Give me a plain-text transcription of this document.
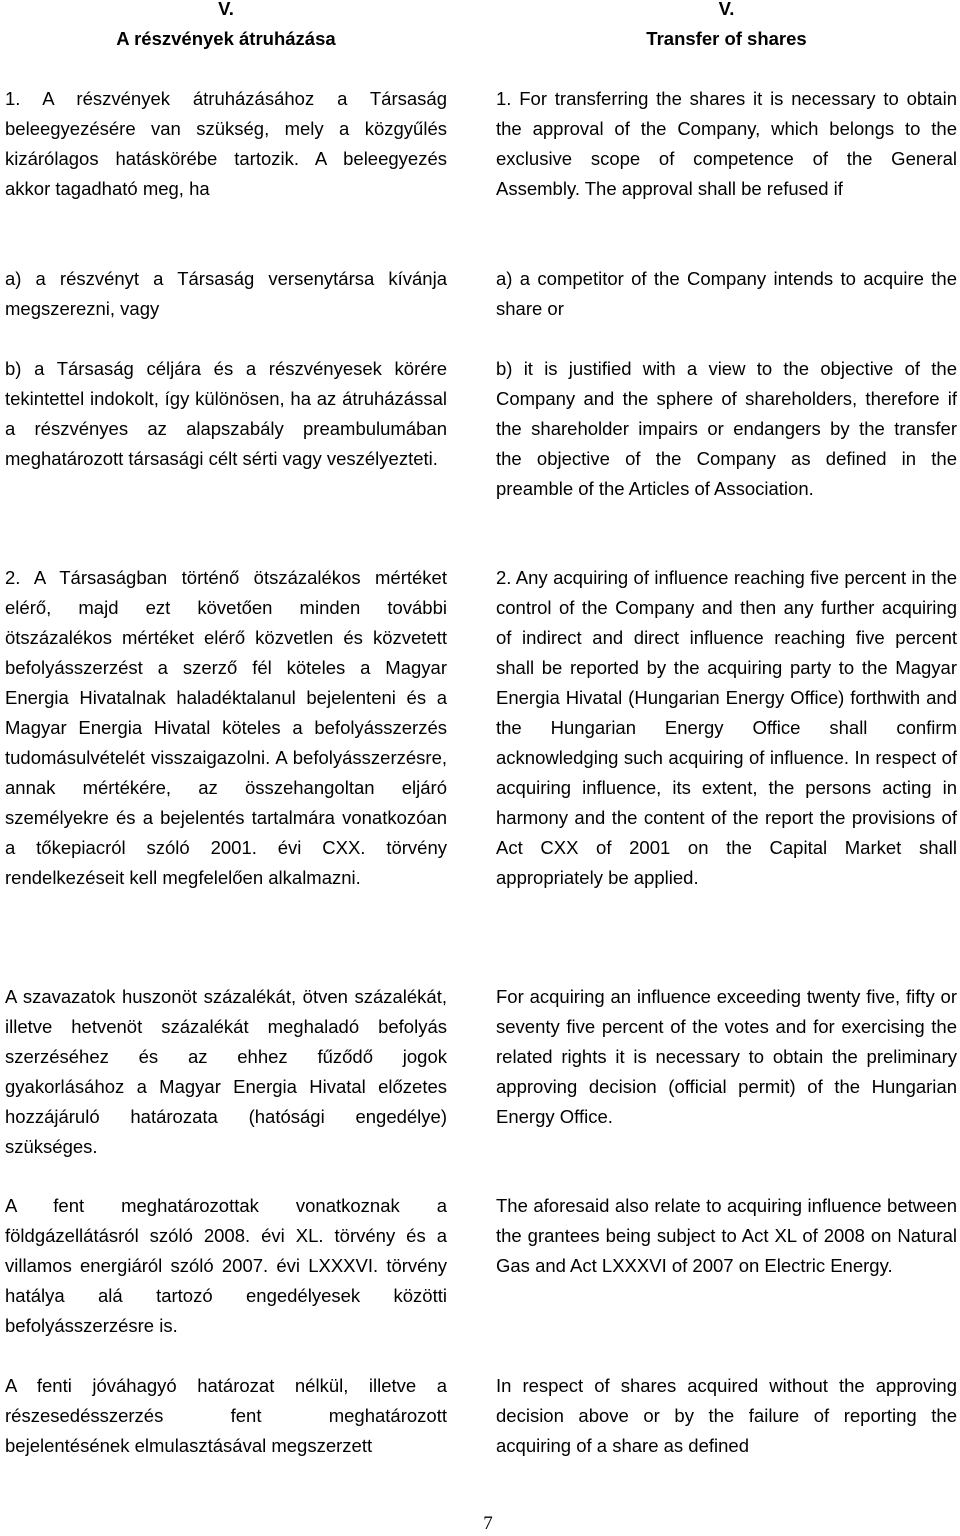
V.
A részvények átruházása

1. A részvények átruházásához a Társaság beleegyezésére van szükség, mely a közgyűlés kizárólagos hatáskörébe tartozik. A beleegyezés akkor tagadható meg, ha

a) a részvényt a Társaság versenytársa kívánja megszerezni, vagy

b) a Társaság céljára és a részvényesek körére tekintettel indokolt, így különösen, ha az átruházással a részvényes az alapszabály preambulumában meghatározott társasági célt sérti vagy veszélyezteti.

2. A Társaságban történő ötszázalékos mértéket elérő, majd ezt követően minden további ötszázalékos mértéket elérő közvetlen és közvetett befolyásszerzést a szerző fél köteles a Magyar Energia Hivatalnak haladéktalanul bejelenteni és a Magyar Energia Hivatal köteles a befolyásszerzés tudomásulvételét visszaigazolni. A befolyásszerzésre, annak mértékére, az összehangoltan eljáró személyekre és a bejelentés tartalmára vonatkozóan a tőkepiacról szóló 2001. évi CXX. törvény rendelkezéseit kell megfelelően alkalmazni.

A szavazatok huszonöt százalékát, ötven százalékát, illetve hetvenöt százalékát meghaladó befolyás szerzéséhez és az ehhez fűződő jogok gyakorlásához a Magyar Energia Hivatal előzetes hozzájáruló határozata (hatósági engedélye) szükséges.

A fent meghatározottak vonatkoznak a földgázellátásról szóló 2008. évi XL. törvény és a villamos energiáról szóló 2007. évi LXXXVI. törvény hatálya alá tartozó engedélyesek közötti befolyásszerzésre is.

A fenti jóváhagyó határozat nélkül, illetve a részesedésszerzés fent meghatározott bejelentésének elmulasztásával megszerzett

V.
Transfer of shares

1. For transferring the shares it is necessary to obtain the approval of the Company, which belongs to the exclusive scope of competence of the General Assembly. The approval shall be refused if

a) a competitor of the Company intends to acquire the share or

b) it is justified with a view to the objective of the Company and the sphere of shareholders, therefore if the shareholder impairs or endangers by the transfer the objective of the Company as defined in the preamble of the Articles of Association.

2. Any acquiring of influence reaching five percent in the control of the Company and then any further acquiring of indirect and direct influence reaching five percent shall be reported by the acquiring party to the Magyar Energia Hivatal (Hungarian Energy Office) forthwith and the Hungarian Energy Office shall confirm acknowledging such acquiring of influence. In respect of acquiring influence, its extent, the persons acting in harmony and the content of the report the provisions of Act CXX of 2001 on the Capital Market shall appropriately be applied.

For acquiring an influence exceeding twenty five, fifty or seventy five percent of the votes and for exercising the related rights it is necessary to obtain the preliminary approving decision (official permit) of the Hungarian Energy Office.

The aforesaid also relate to acquiring influence between the grantees being subject to Act XL of 2008 on Natural Gas and Act LXXXVI of 2007 on Electric Energy.

In respect of shares acquired without the approving decision above or by the failure of reporting the acquiring of a share as defined

7
